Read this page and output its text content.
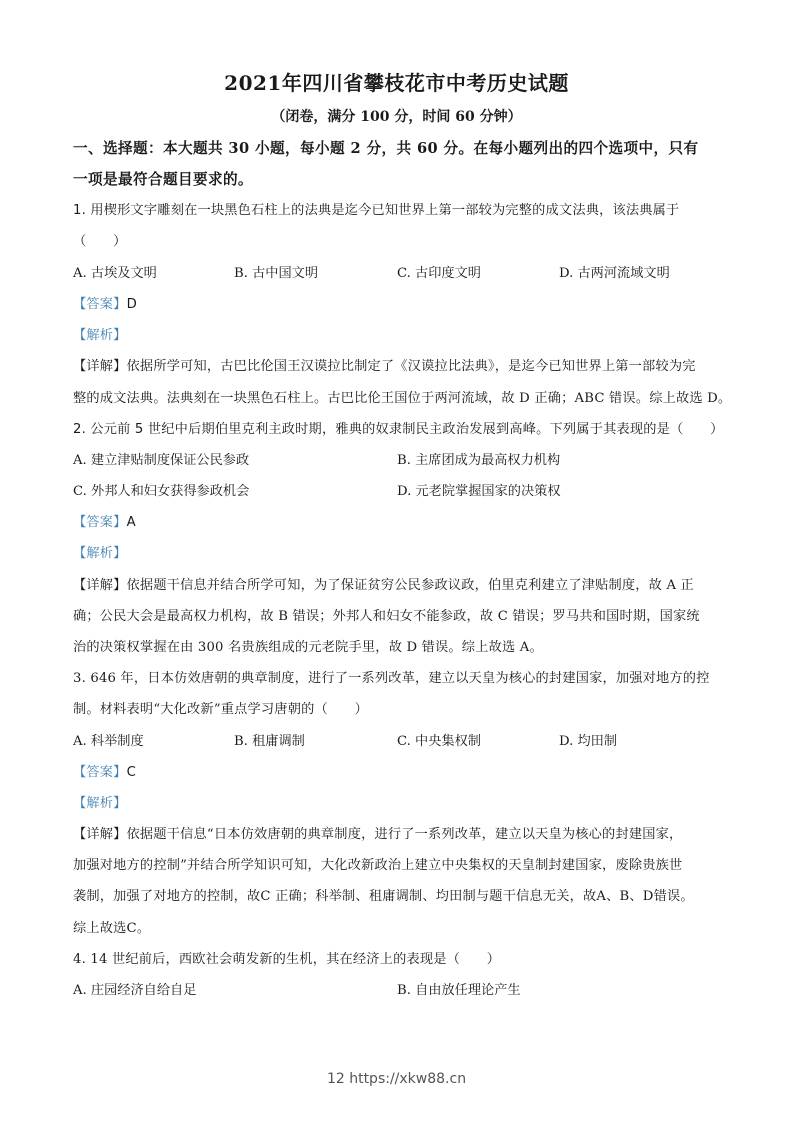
2021年四川省攀枝花市中考历史试题
（闭卷，满分 100 分，时间 60 分钟）
一、选择题：本大题共 30 小题，每小题 2 分，共 60 分。在每小题列出的四个选项中，只有
一项是最符合题目要求的。
1. 用楔形文字雕刻在一块黑色石柱上的法典是迄今已知世界上第一部较为完整的成文法典，该法典属于
（　　）
A. 古埃及文明	B. 古中国文明	C. 古印度文明	D. 古两河流域文明
【答案】D
【解析】
【详解】依据所学可知，古巴比伦国王汉谟拉比制定了《汉谟拉比法典》，是迄今已知世界上第一部较为完
整的成文法典。法典刻在一块黑色石柱上。古巴比伦王国位于两河流域，故 D 正确；ABC 错误。综上故选 D。
2. 公元前 5 世纪中后期伯里克利主政时期，雅典的奴隶制民主政治发展到高峰。下列属于其表现的是（　　）
A. 建立津贴制度保证公民参政	B. 主席团成为最高权力机构
C. 外邦人和妇女获得参政机会	D. 元老院掌握国家的决策权
【答案】A
【解析】
【详解】依据题干信息并结合所学可知，为了保证贫穷公民参政议政，伯里克利建立了津贴制度，故 A 正
确；公民大会是最高权力机构，故 B 错误；外邦人和妇女不能参政，故 C 错误；罗马共和国时期，国家统
治的决策权掌握在由 300 名贵族组成的元老院手里，故 D 错误。综上故选 A。
3. 646 年，日本仿效唐朝的典章制度，进行了一系列改革，建立以天皇为核心的封建国家，加强对地方的控
制。材料表明“大化改新”重点学习唐朝的（　　）
A. 科举制度	B. 租庸调制	C. 中央集权制	D. 均田制
【答案】C
【解析】
【详解】依据题干信息“日本仿效唐朝的典章制度，进行了一系列改革，建立以天皇为核心的封建国家，
加强对地方的控制”并结合所学知识可知，大化改新政治上建立中央集权的天皇制封建国家，废除贵族世
袭制，加强了对地方的控制，故C 正确；科举制、租庸调制、均田制与题干信息无关，故A、B、D错误。
综上故选C。
4. 14 世纪前后，西欧社会萌发新的生机，其在经济上的表现是（　　）
A. 庄园经济自给自足	B. 自由放任理论产生
12 https://xkw88.cn
